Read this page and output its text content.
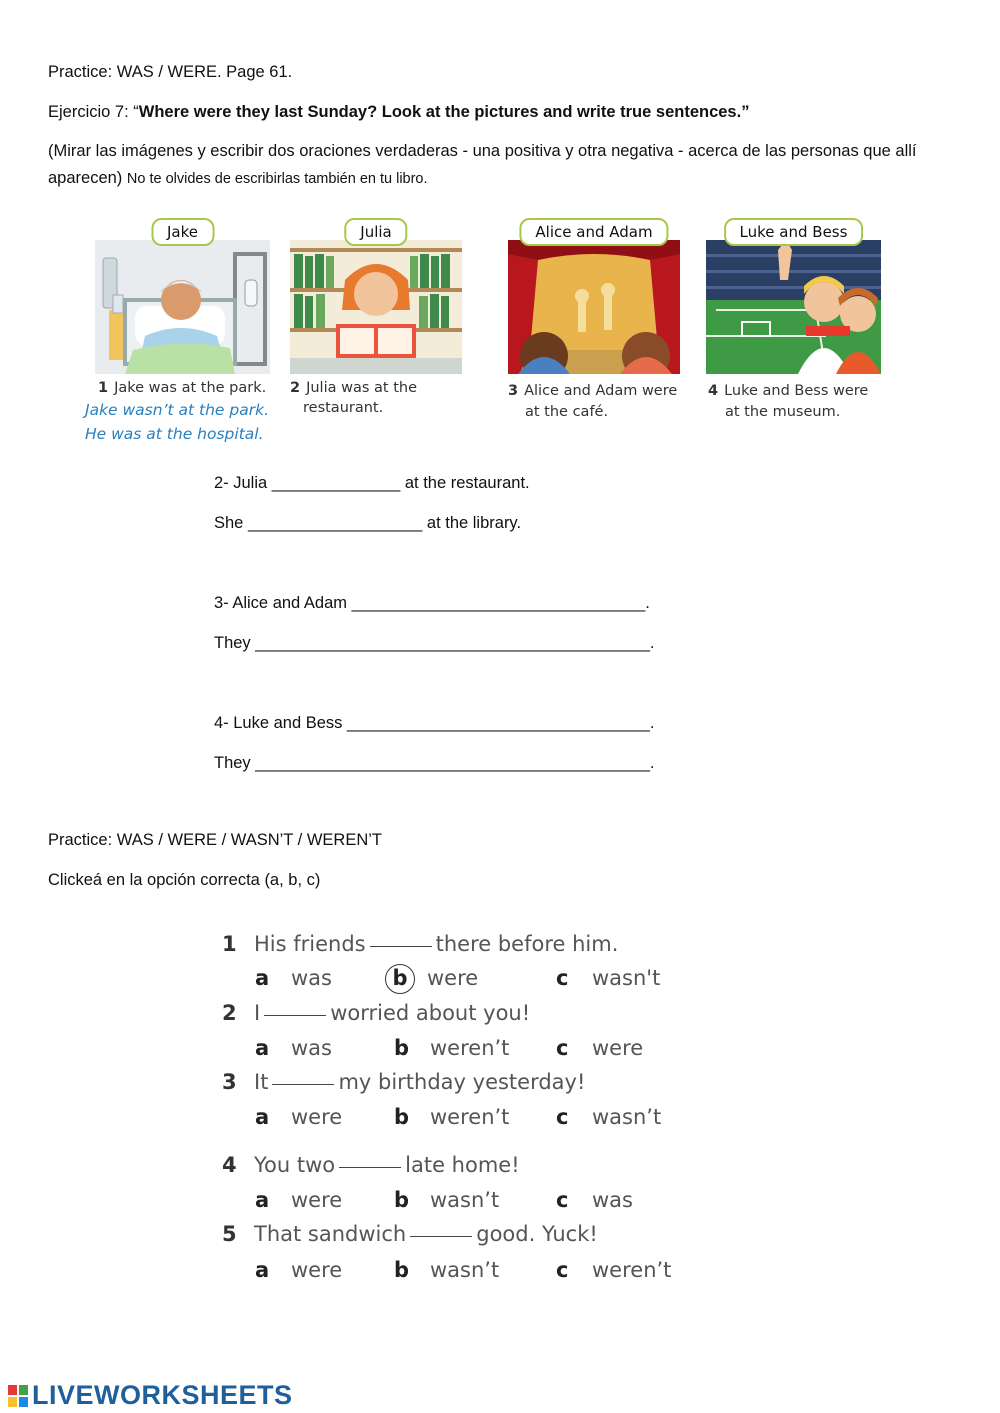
Practice: WAS / WERE. Page 61.
Ejercicio 7: “Where were they last Sunday? Look at the pictures and write true sentences.”
(Mirar las imágenes y escribir dos oraciones verdaderas - una positiva y otra negativa - acerca de las personas que allí aparecen) No te olvides de escribirlas también en tu libro.
Jake	Julia	Alice and Adam	Luke and Bess
1 Jake was at the park.
Jake wasn’t at the park.
He was at the hospital.
2 Julia was at the
restaurant.
3 Alice and Adam were
at the café.
4 Luke and Bess were
at the museum.
2- Julia ______________ at the restaurant.
She ___________________ at the library.
3- Alice and Adam ________________________________.
They ___________________________________________.
4- Luke and Bess _________________________________.
They ___________________________________________.
Practice: WAS / WERE / WASN’T / WEREN’T
Clickeá en la opción correcta (a, b, c)
1 His friends	there before him.
a was	b were	c wasn't
2 I	worried about you!
a was	b weren’t c were
3 It	my birthday yesterday!
a were b weren’t c wasn’t
4 You two	late home!
a were b wasn’t	c was
5 That sandwich	good. Yuck!
a were b wasn’t	c weren’t
LIVEWORKSHEETS
